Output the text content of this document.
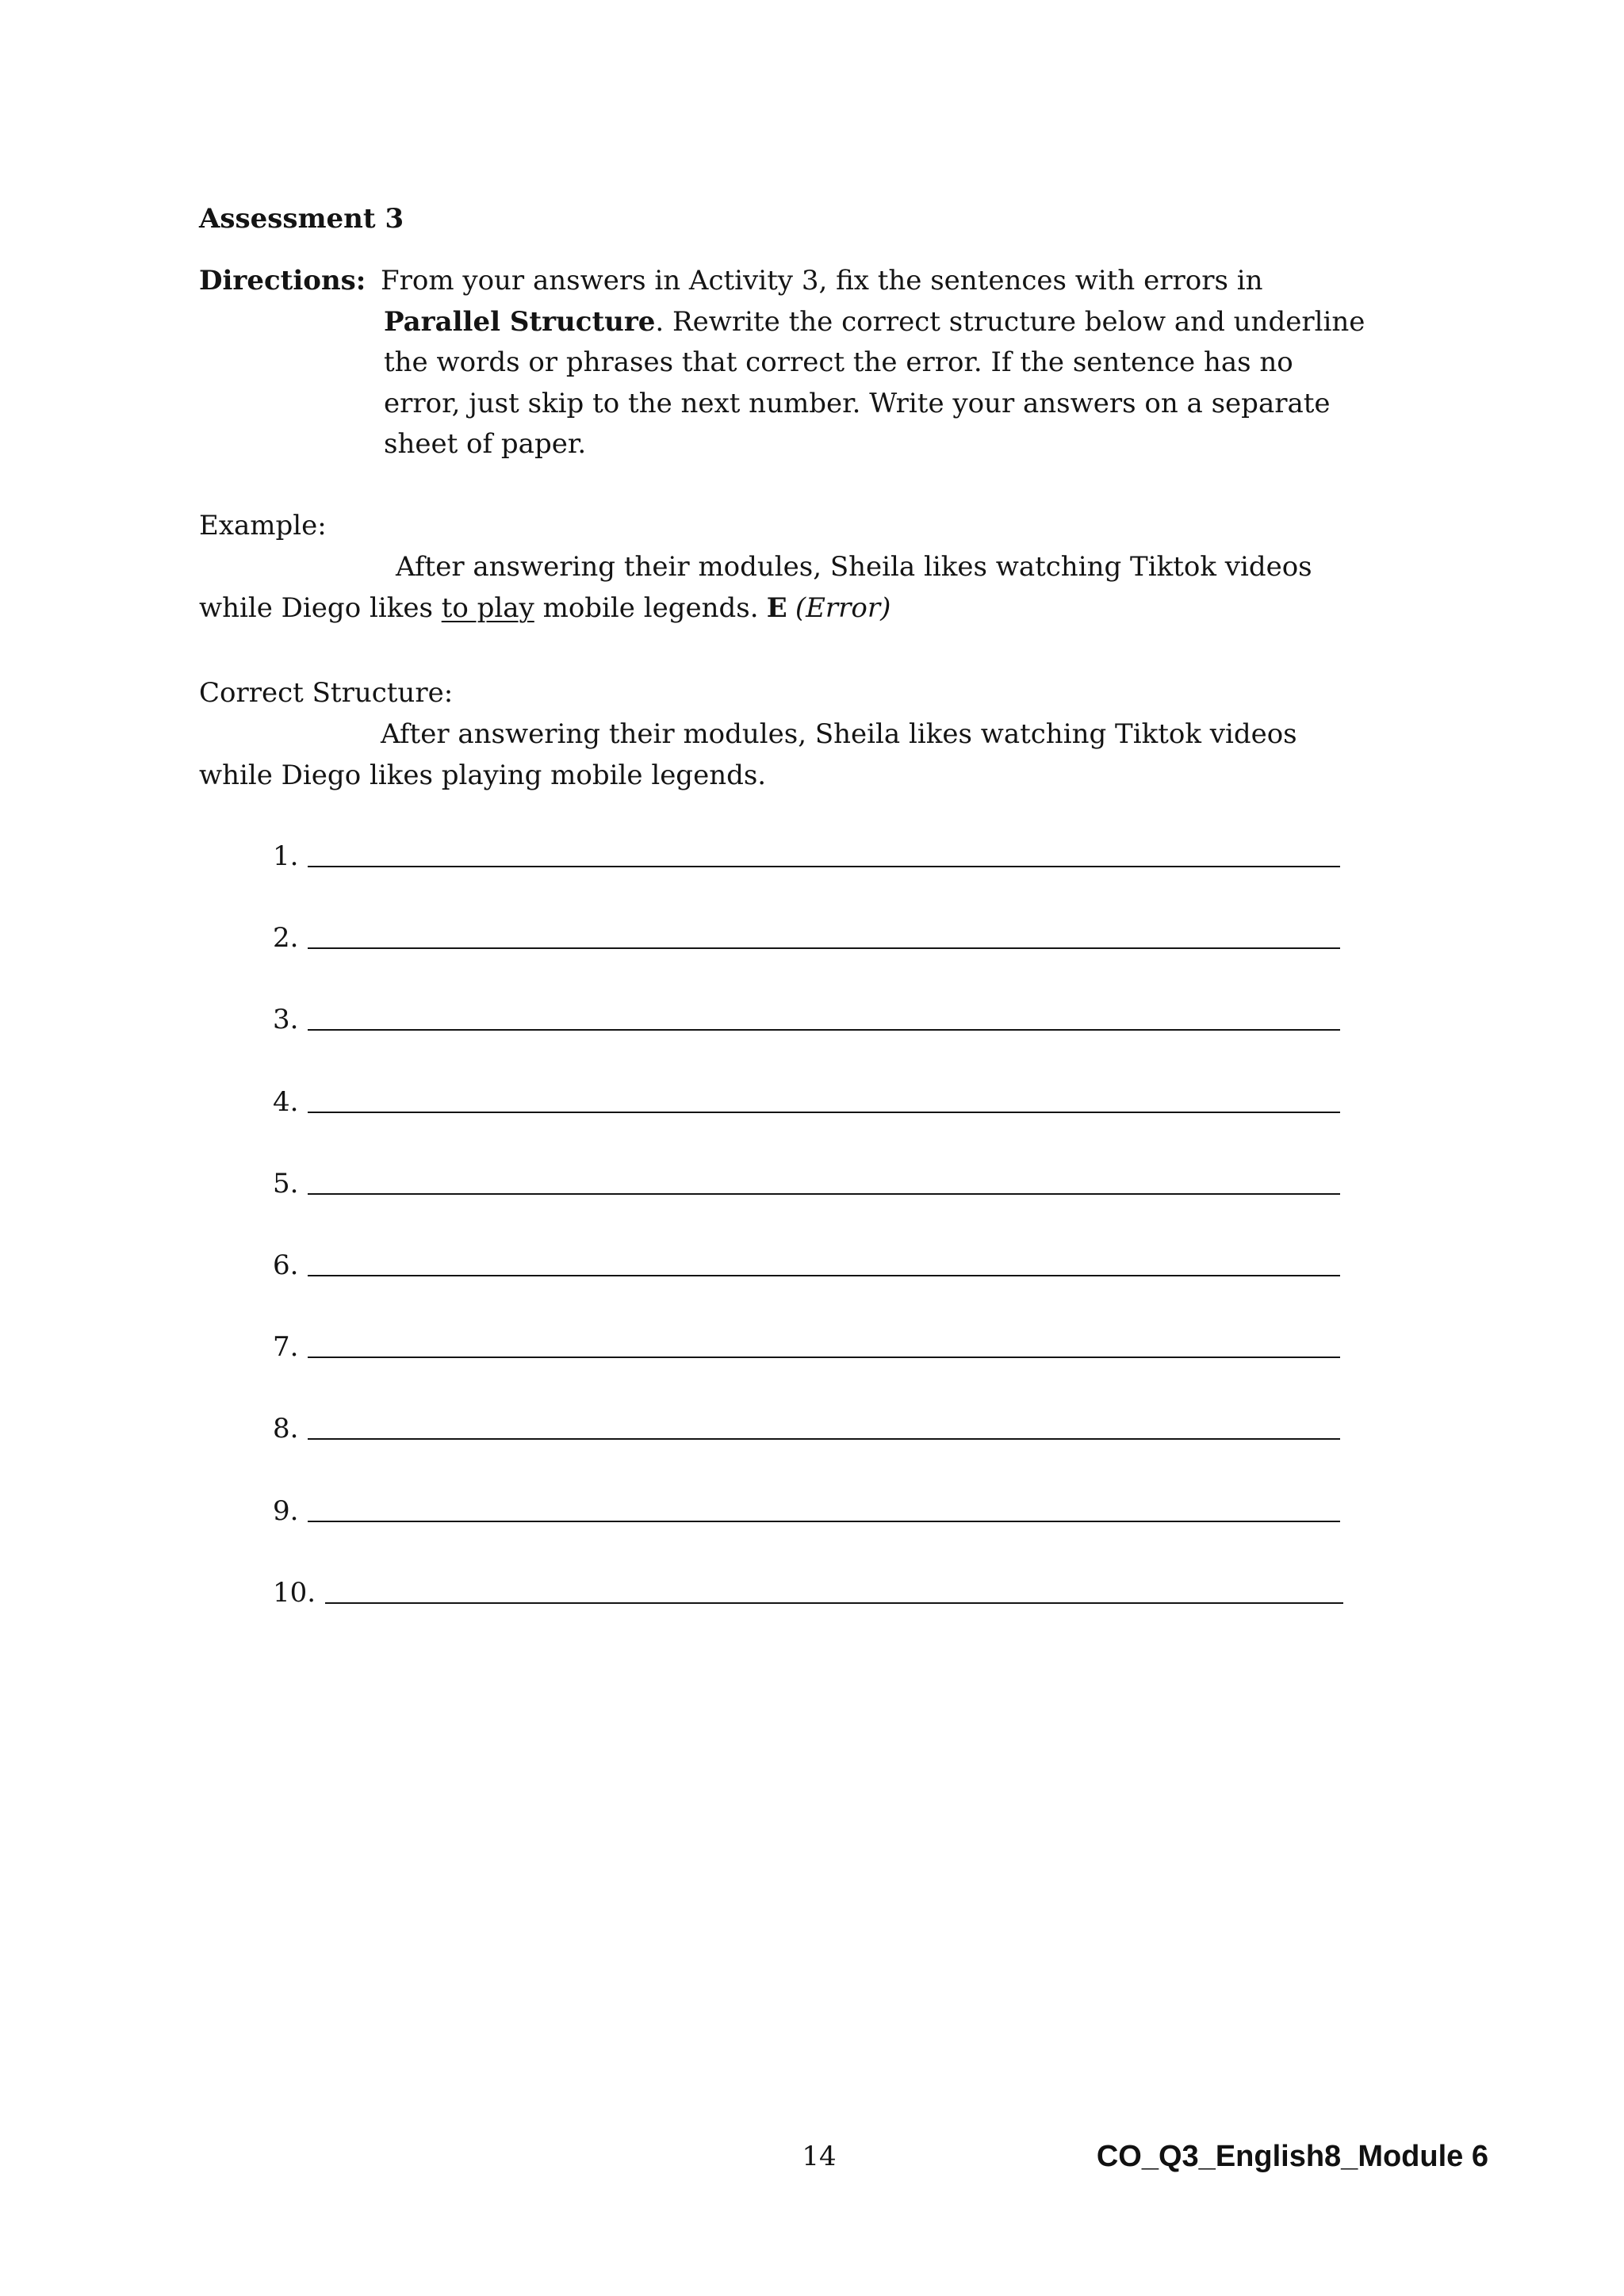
Assessment 3
Directions: From your answers in Activity 3, fix the sentences with errors in
Parallel Structure. Rewrite the correct structure below and underline
the words or phrases that correct the error. If the sentence has no
error, just skip to the next number. Write your answers on a separate
sheet of paper.
Example:
After answering their modules, Sheila likes watching Tiktok videos
while Diego likes to play mobile legends. E (Error)
Correct Structure:
After answering their modules, Sheila likes watching Tiktok videos
while Diego likes playing mobile legends.
1.
2.
3.
4.
5.
6.
7.
8.
9.
10.
14	CO_Q3_English8_Module 6
